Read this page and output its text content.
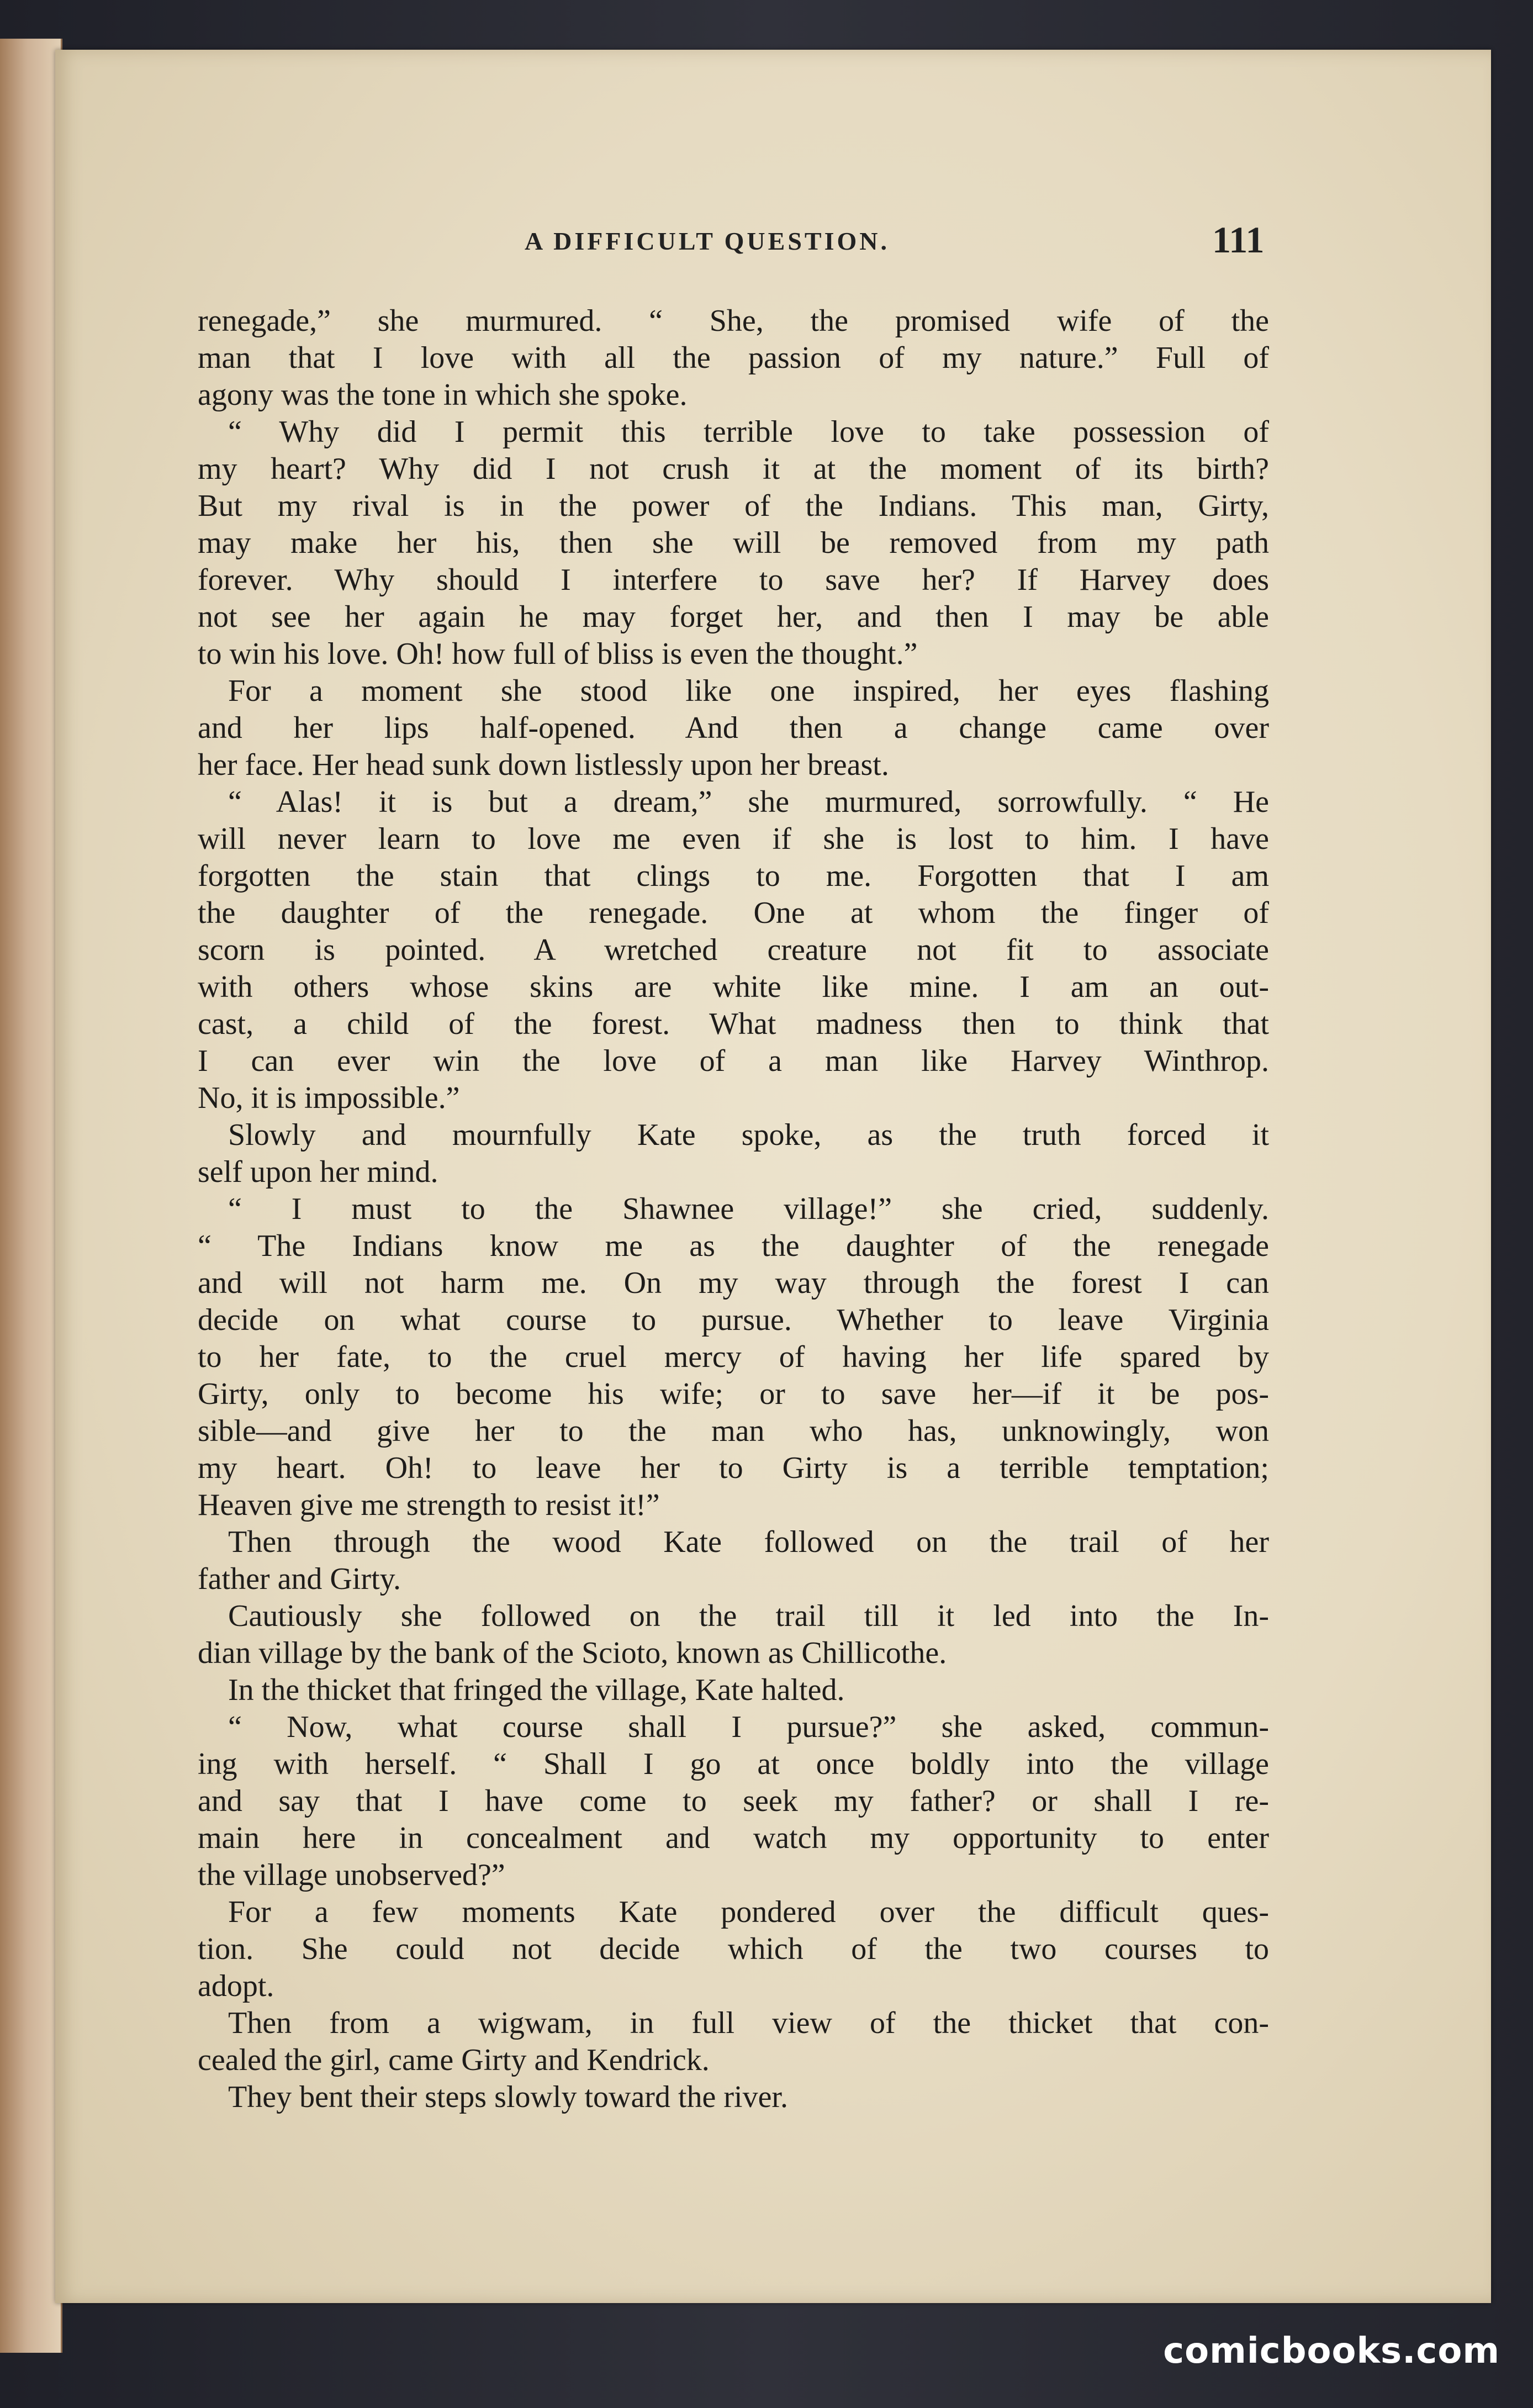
A DIFFICULT QUESTION.	111
renegade,” she murmured. “ She, the promised wife of the
man that I love with all the passion of my nature.” Full of
agony was the tone in which she spoke.
“ Why did I permit this terrible love to take possession of
my heart? Why did I not crush it at the moment of its birth?
But my rival is in the power of the Indians. This man, Girty,
may make her his, then she will be removed from my path
forever. Why should I interfere to save her? If Harvey does
not see her again he may forget her, and then I may be able
to win his love. Oh! how full of bliss is even the thought.”
For a moment she stood like one inspired, her eyes flashing
and her lips half-opened. And then a change came over
her face. Her head sunk down listlessly upon her breast.
“ Alas! it is but a dream,” she murmured, sorrowfully. “ He
will never learn to love me even if she is lost to him. I have
forgotten the stain that clings to me. Forgotten that I am
the daughter of the renegade. One at whom the finger of
scorn is pointed. A wretched creature not fit to associate
with others whose skins are white like mine. I am an out-
cast, a child of the forest. What madness then to think that
I can ever win the love of a man like Harvey Winthrop.
No, it is impossible.”
Slowly and mournfully Kate spoke, as the truth forced it
self upon her mind.
“ I must to the Shawnee village!” she cried, suddenly.
“ The Indians know me as the daughter of the renegade
and will not harm me. On my way through the forest I can
decide on what course to pursue. Whether to leave Virginia
to her fate, to the cruel mercy of having her life spared by
Girty, only to become his wife; or to save her—if it be pos-
sible—and give her to the man who has, unknowingly, won
my heart. Oh! to leave her to Girty is a terrible temptation;
Heaven give me strength to resist it!”
Then through the wood Kate followed on the trail of her
father and Girty.
Cautiously she followed on the trail till it led into the In-
dian village by the bank of the Scioto, known as Chillicothe.
In the thicket that fringed the village, Kate halted.
“ Now, what course shall I pursue?” she asked, commun-
ing with herself. “ Shall I go at once boldly into the village
and say that I have come to seek my father? or shall I re-
main here in concealment and watch my opportunity to enter
the village unobserved?”
For a few moments Kate pondered over the difficult ques-
tion. She could not decide which of the two courses to
adopt.
Then from a wigwam, in full view of the thicket that con-
cealed the girl, came Girty and Kendrick.
They bent their steps slowly toward the river.
comicbooks.com
